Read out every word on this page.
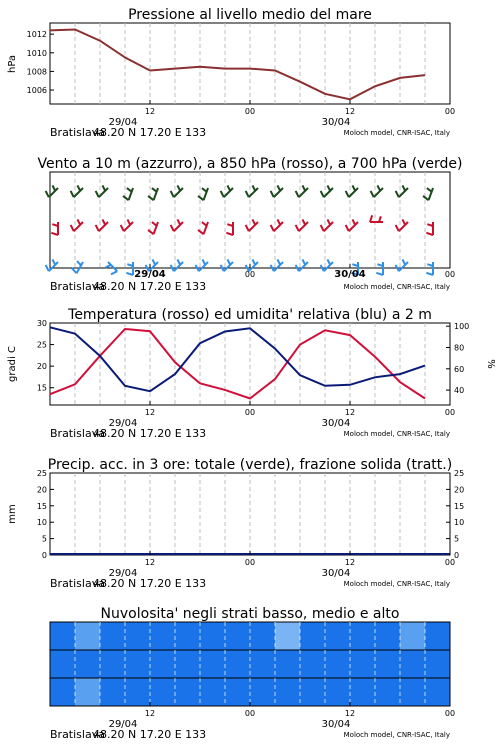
Pressione al livello medio del mare
hPa
1006
1008
1010
1012
12	00	12	00
29/04	30/04
Vento a 10 m (azzurro), a 850 hPa (rosso), a 700 hPa (verde)
29/04	00	30/04	00
Temperatura (rosso) ed umidita' relativa (blu) a 2 m
gradi C	%
15
20
25
30
40
60
80
100
12	00	12	00
29/04	30/04
Precip. acc. in 3 ore: totale (verde), frazione solida (tratt.)
mm
0
5
10
15
20
25
0
5
10
15
20
25
12	00	12	00
29/04	30/04
Nuvolosita' negli strati basso, medio e alto
12	00	12	00
29/04	30/04
Bratislava
48.20 N 17.20 E 133	Moloch model, CNR-ISAC, Italy
Bratislava
48.20 N 17.20 E 133	Moloch model, CNR-ISAC, Italy
Bratislava
48.20 N 17.20 E 133	Moloch model, CNR-ISAC, Italy
Bratislava
48.20 N 17.20 E 133	Moloch model, CNR-ISAC, Italy
Bratislava
48.20 N 17.20 E 133	Moloch model, CNR-ISAC, Italy
